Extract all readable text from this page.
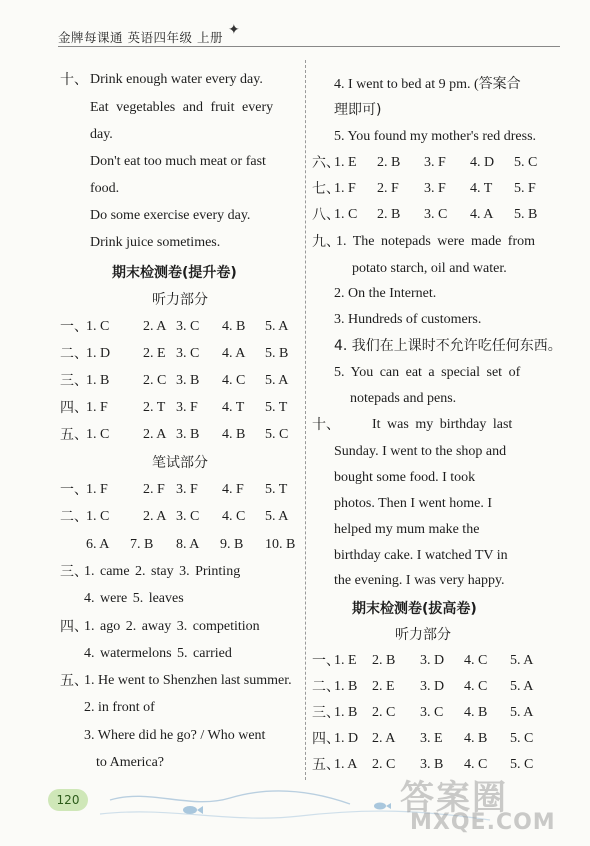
金牌每课通 英语四年级 上册 ✦
十、 Drink enough water every day.
Eat vegetables and fruit every
day.
Don't eat too much meat or fast
food.
Do some exercise every day.
Drink juice sometimes.
期末检测卷(提升卷)
听力部分
一、
1. C 2. A 3. C 4. B 5. A
二、
1. D 2. E 3. C 4. A 5. B
三、
1. B 2. C 3. B 4. C 5. A
四、
1. F	2. T 3. F 4. T 5. T
五、
1. C 2. A 3. B 4. B 5. C
笔试部分
一、
1. F	2. F 3. F 4. F 5. T
二、
1. C 2. A 3. C 4. C 5. A
6. A 7. B 8. A 9. B 10. B
三、
1. came 2. stay 3. Printing
4. were 5. leaves
四、
1. ago 2. away 3. competition
4. watermelons 5. carried
五、
1. He went to Shenzhen last summer.
2. in front of
3. Where did he go? / Who went
to America?
4. I went to bed at 9 pm. (答案合
理即可)
5. You found my mother's red dress.
六、
1. E 2. B 3. F 4. D 5. C
七、
1. F 2. F 3. F 4. T 5. F
八、
1. C 2. B 3. C 4. A 5. B
九、
1. The notepads were made from
potato starch, oil and water.
2. On the Internet.
3. Hundreds of customers.
4. 我们在上课时不允许吃任何东西。
5. You can eat a special set of
notepads and pens.
十、 It was my birthday last
Sunday. I went to the shop and
bought some food. I took
photos. Then I went home. I
helped my mum make the
birthday cake. I watched TV in
the evening. I was very happy.
期末检测卷(拔高卷)
听力部分
一、
1. E 2. B 3. D 4. C 5. A
二、
1. B 2. E 3. D 4. C 5. A
三、
1. B 2. C 3. C 4. B 5. A
四、
1. D 2. A 3. E 4. B 5. C
五、
1. A 2. C 3. B 4. C 5. C
120	答案圈
MXQE.COM
